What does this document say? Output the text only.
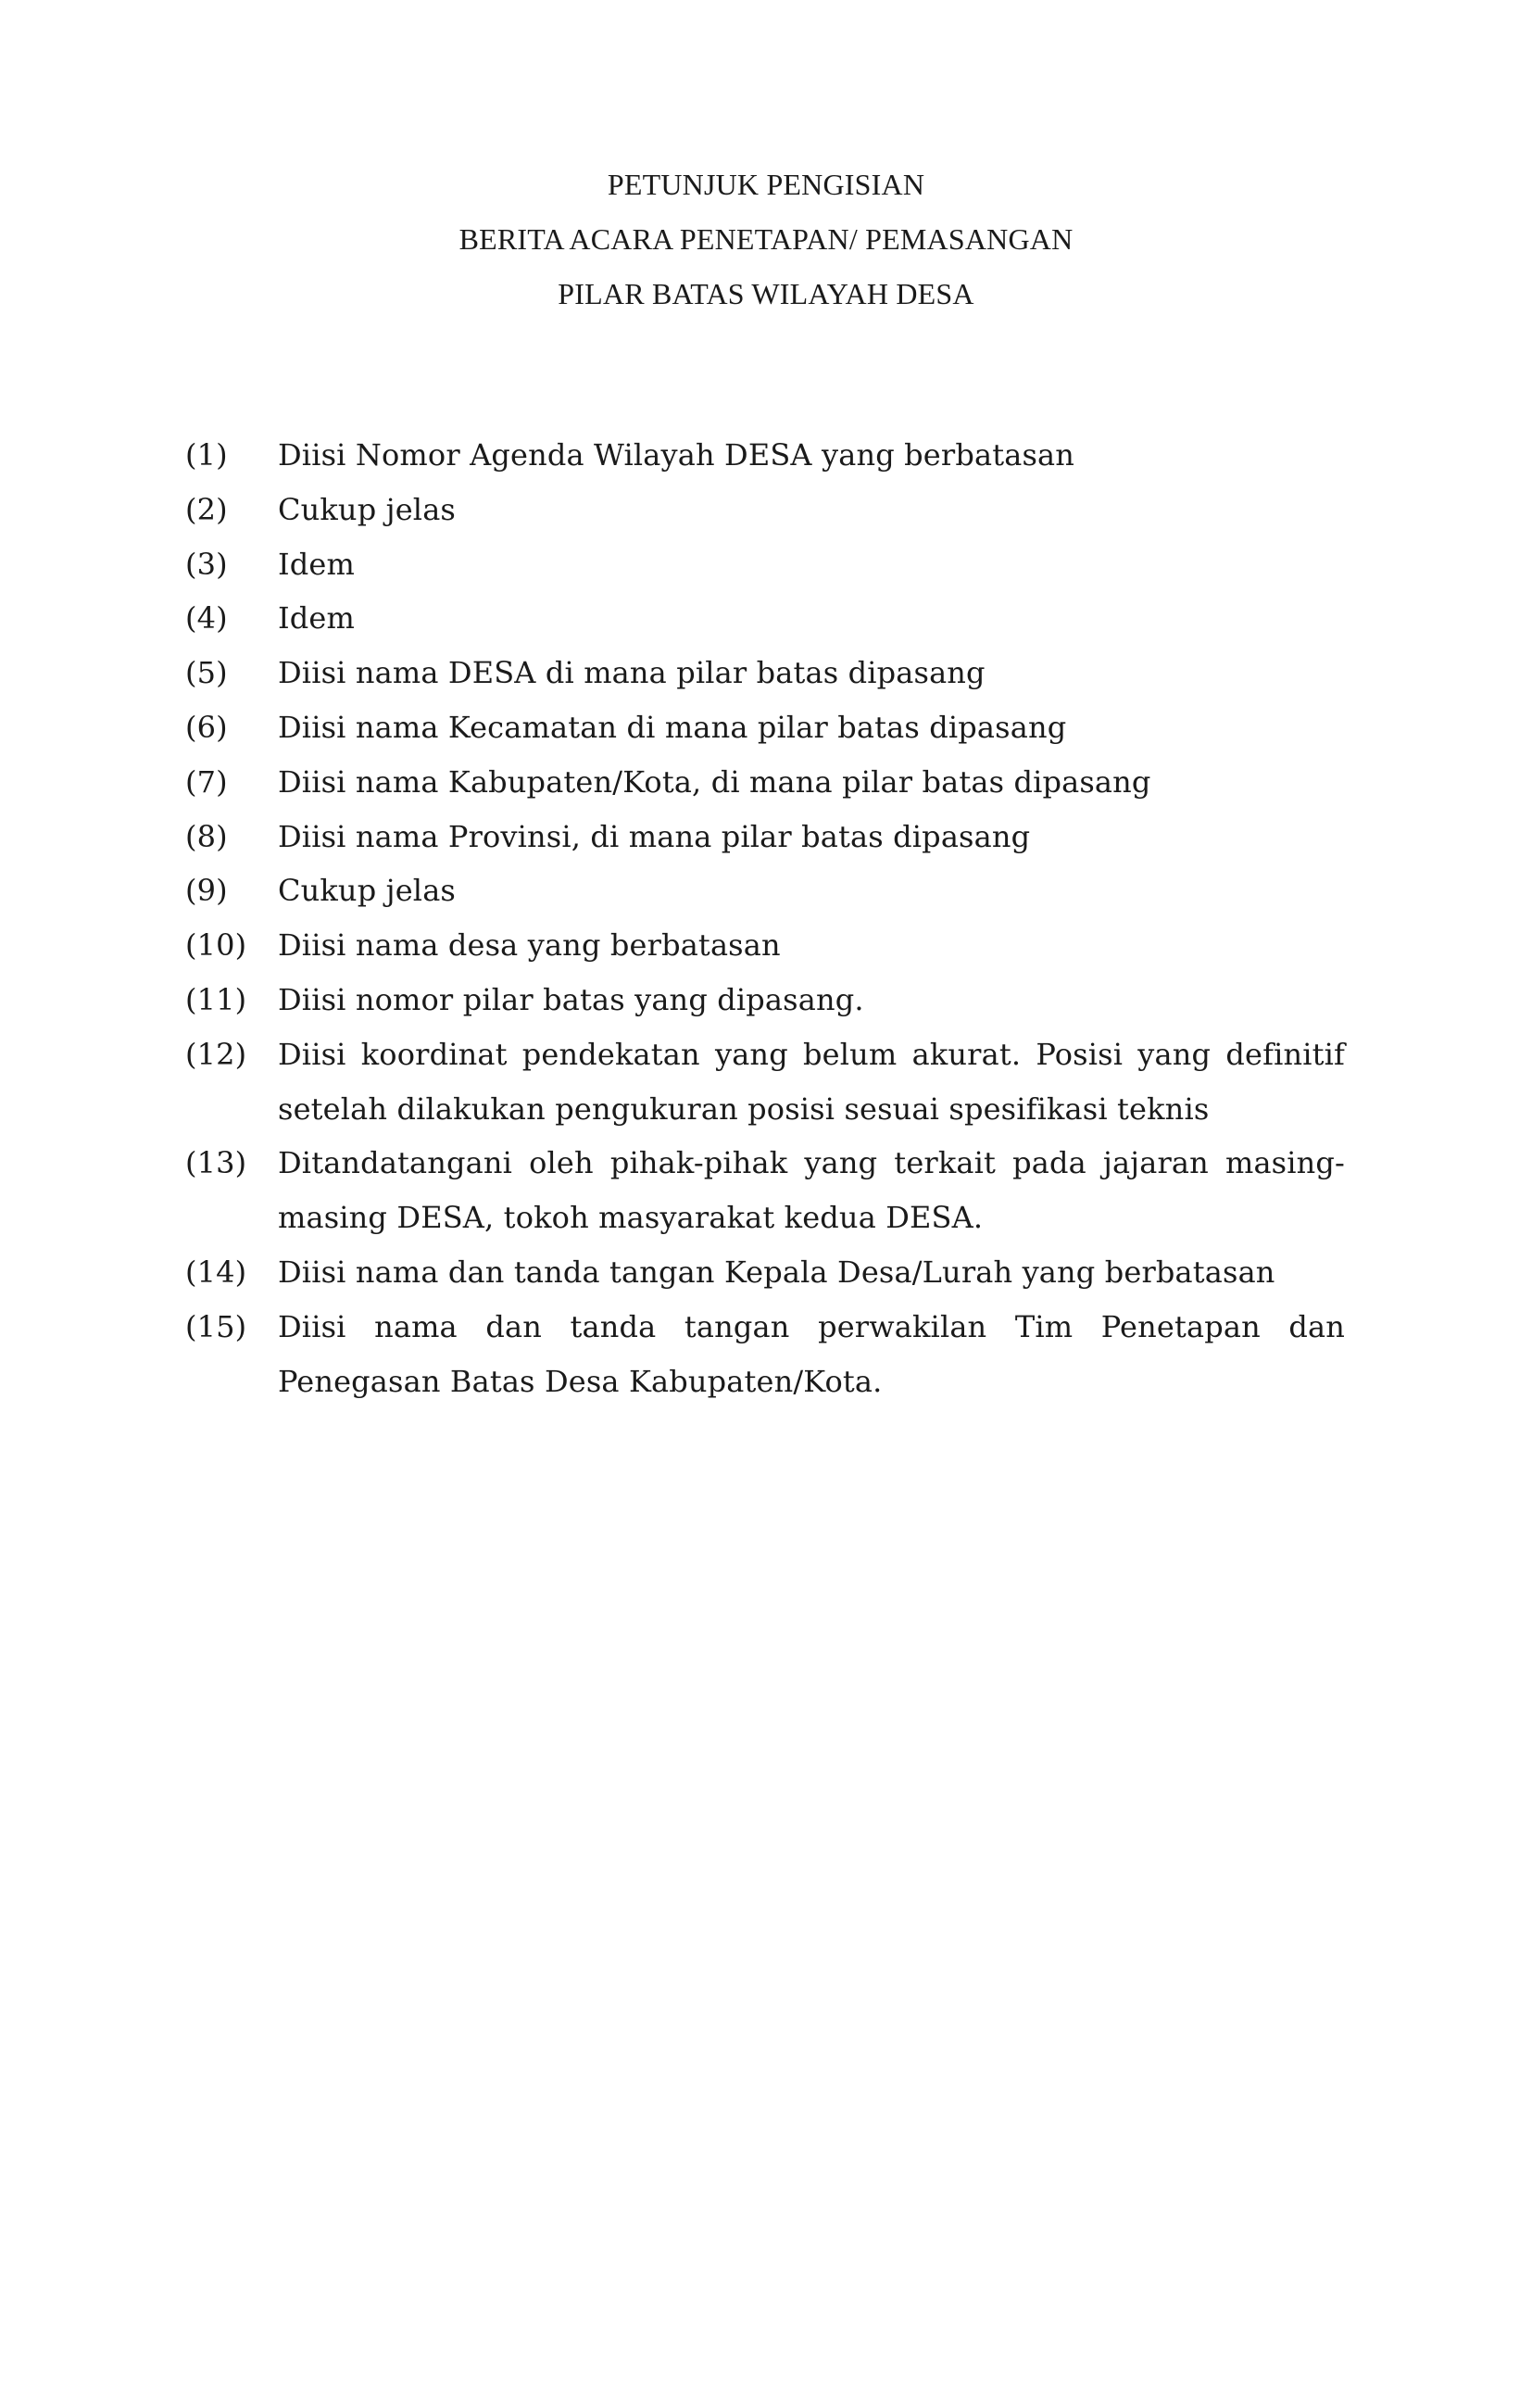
PETUNJUK PENGISIAN
BERITA ACARA PENETAPAN/ PEMASANGAN
PILAR BATAS WILAYAH DESA
(1)	Diisi Nomor Agenda Wilayah DESA yang berbatasan
(2)	Cukup jelas
(3)	Idem
(4)	Idem
(5)	Diisi nama DESA di mana pilar batas dipasang
(6)	Diisi nama Kecamatan di mana pilar batas dipasang
(7)	Diisi nama Kabupaten/Kota, di mana pilar batas dipasang
(8)	Diisi nama Provinsi, di mana pilar batas dipasang
(9)	Cukup jelas
(10)	Diisi nama desa yang berbatasan
(11)	Diisi nomor pilar batas yang dipasang.
(12)	Diisi koordinat pendekatan yang belum akurat. Posisi yang definitif setelah dilakukan pengukuran posisi sesuai spesifikasi teknis
(13)	Ditandatangani oleh pihak-pihak yang terkait pada jajaran masing-masing DESA, tokoh masyarakat kedua DESA.
(14)	Diisi nama dan tanda tangan Kepala Desa/Lurah yang berbatasan
(15)	Diisi nama dan tanda tangan perwakilan Tim Penetapan dan Penegasan Batas Desa Kabupaten/Kota.
